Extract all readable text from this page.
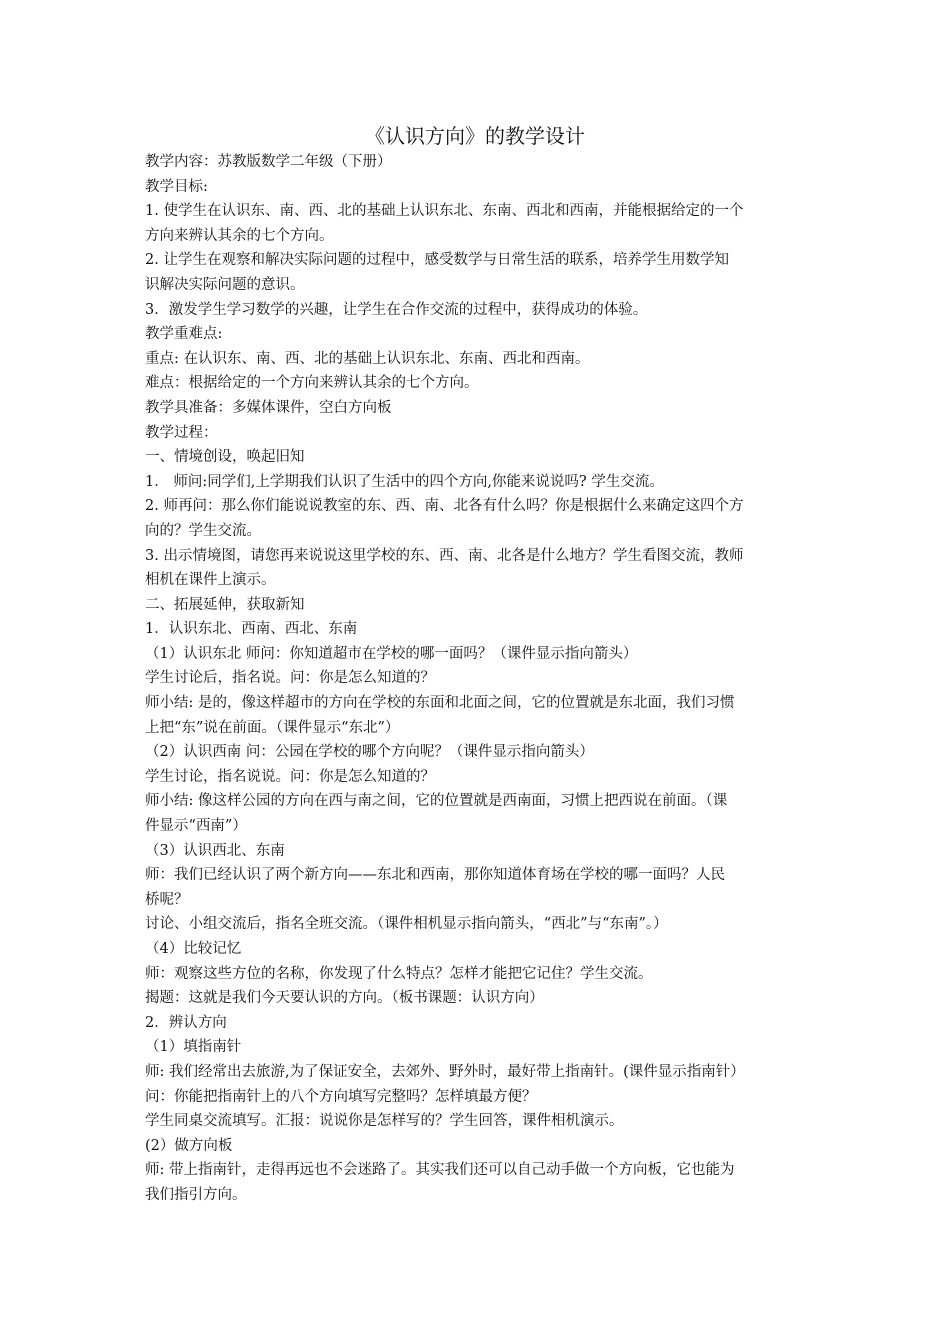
《认识方向》的教学设计

教学内容：苏教版数学二年级（下册）

教学目标:

1. 使学生在认识东、南、西、北的基础上认识东北、东南、西北和西南，并能根据给定的一个

方向来辨认其余的七个方向。

2. 让学生在观察和解决实际问题的过程中，感受数学与日常生活的联系，培养学生用数学知

识解决实际问题的意识。

3．激发学生学习数学的兴趣，让学生在合作交流的过程中，获得成功的体验。

教学重难点:

重点: 在认识东、南、西、北的基础上认识东北、东南、西北和西南。

难点：根据给定的一个方向来辨认其余的七个方向。

教学具准备：多媒体课件，空白方向板

教学过程：

一、情境创设，唤起旧知

1． 师问:同学们,上学期我们认识了生活中的四个方向,你能来说说吗? 学生交流。

2. 师再问：那么你们能说说教室的东、西、南、北各有什么吗？你是根据什么来确定这四个方

向的？学生交流。

3. 出示情境图，请您再来说说这里学校的东、西、南、北各是什么地方？学生看图交流，教师

相机在课件上演示。

二、拓展延伸，获取新知

1．认识东北、西南、西北、东南

（1）认识东北 师问：你知道超市在学校的哪一面吗？（课件显示指向箭头）

学生讨论后，指名说。问：你是怎么知道的？

师小结: 是的，像这样超市的方向在学校的东面和北面之间，它的位置就是东北面，我们习惯

上把“东”说在前面。（课件显示“东北”）

（2）认识西南 问：公园在学校的哪个方向呢？（课件显示指向箭头）

学生讨论，指名说说。问：你是怎么知道的？

师小结: 像这样公园的方向在西与南之间，它的位置就是西南面，习惯上把西说在前面。（课

件显示“西南”）

（3）认识西北、东南

师：我们已经认识了两个新方向——东北和西南，那你知道体育场在学校的哪一面吗？人民

桥呢？

讨论、小组交流后，指名全班交流。（课件相机显示指向箭头，“西北”与“东南”。）

（4）比较记忆

师：观察这些方位的名称，你发现了什么特点？怎样才能把它记住？学生交流。

揭题：这就是我们今天要认识的方向。（板书课题：认识方向）

2．辨认方向

（1）填指南针

师: 我们经常出去旅游,为了保证安全，去郊外、野外时，最好带上指南针。(课件显示指南针）

问：你能把指南针上的八个方向填写完整吗？怎样填最方便？

学生同桌交流填写。汇报：说说你是怎样写的？学生回答，课件相机演示。

(2）做方向板

师: 带上指南针，走得再远也不会迷路了。其实我们还可以自己动手做一个方向板，它也能为

我们指引方向。
